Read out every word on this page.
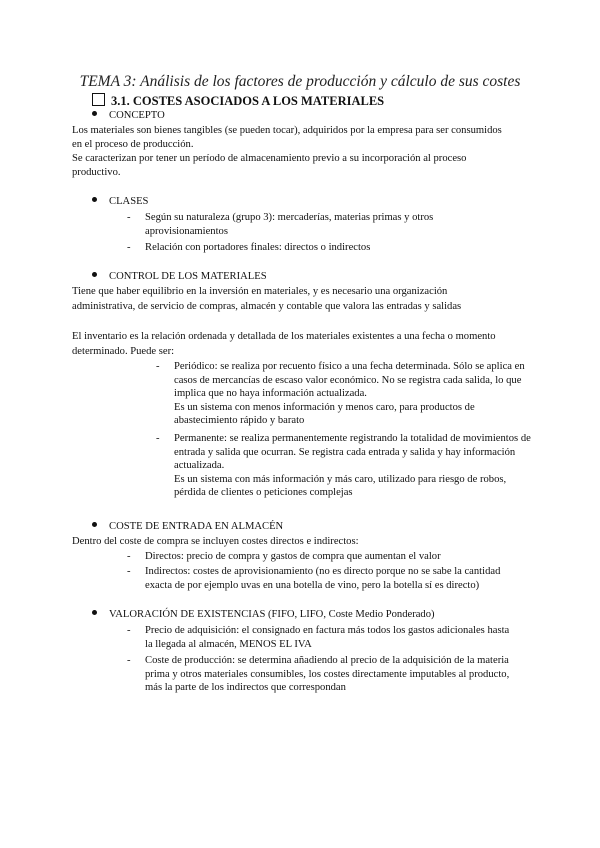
TEMA 3: Análisis de los factores de producción y cálculo de sus costes
3.1. COSTES ASOCIADOS A LOS MATERIALES
CONCEPTO
Los materiales son bienes tangibles (se pueden tocar), adquiridos por la empresa para ser consumidos
en el proceso de producción.
Se caracterizan por tener un período de almacenamiento previo a su incorporación al proceso
productivo.
CLASES
- Según su naturaleza (grupo 3): mercaderías, materias primas y otros
aprovisionamientos
- Relación con portadores finales: directos o indirectos
CONTROL DE LOS MATERIALES
Tiene que haber equilibrio en la inversión en materiales, y es necesario una organización
administrativa, de servicio de compras, almacén y contable que valora las entradas y salidas
El inventario es la relación ordenada y detallada de los materiales existentes a una fecha o momento
determinado. Puede ser:
- Periódico: se realiza por recuento físico a una fecha determinada. Sólo se aplica en
casos de mercancías de escaso valor económico. No se registra cada salida, lo que
implica que no haya información actualizada.
Es un sistema con menos información y menos caro, para productos de
abastecimiento rápido y barato
- Permanente: se realiza permanentemente registrando la totalidad de movimientos de
entrada y salida que ocurran. Se registra cada entrada y salida y hay información
actualizada.
Es un sistema con más información y más caro, utilizado para riesgo de robos,
pérdida de clientes o peticiones complejas
COSTE DE ENTRADA EN ALMACÉN
Dentro del coste de compra se incluyen costes directos e indirectos:
- Directos: precio de compra y gastos de compra que aumentan el valor
- Indirectos: costes de aprovisionamiento (no es directo porque no se sabe la cantidad
exacta de por ejemplo uvas en una botella de vino, pero la botella sí es directo)
VALORACIÓN DE EXISTENCIAS (FIFO, LIFO, Coste Medio Ponderado)
- Precio de adquisición: el consignado en factura más todos los gastos adicionales hasta
la llegada al almacén, MENOS EL IVA
- Coste de producción: se determina añadiendo al precio de la adquisición de la materia
prima y otros materiales consumibles, los costes directamente imputables al producto,
más la parte de los indirectos que correspondan
